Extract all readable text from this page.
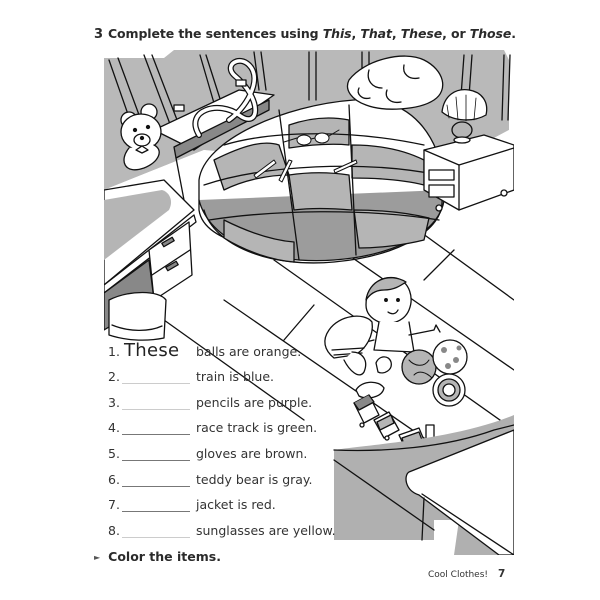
3 Complete the sentences using This, That, These, or Those.
1. These balls are orange.
2.	train is blue.
3.	pencils are purple.
4.	race track is green.
5.	gloves are brown.
6.	teddy bear is gray.
7.	jacket is red.
8.	sunglasses are yellow.
► Color the items.
Cool Clothes! 7
